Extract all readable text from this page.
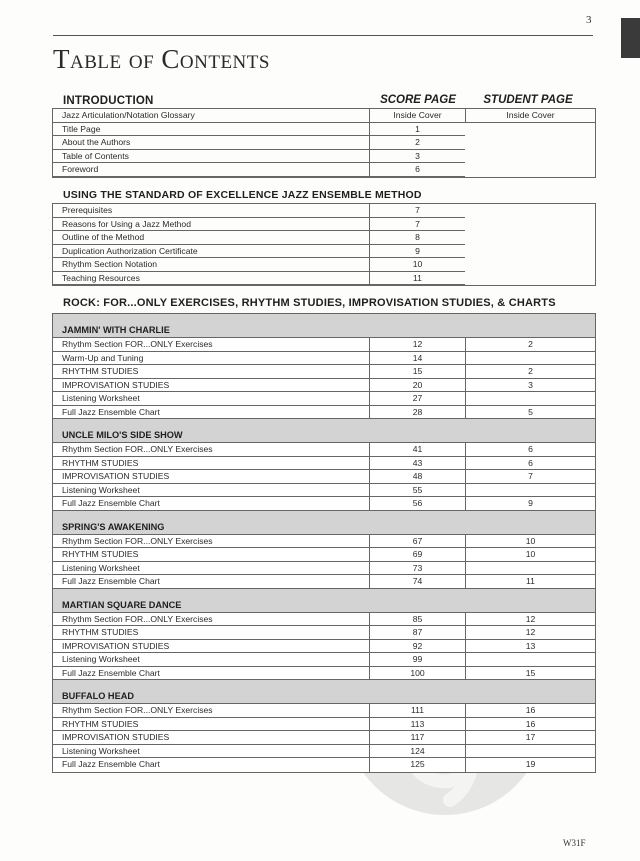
3
Table of Contents
INTRODUCTION	SCORE PAGE	STUDENT PAGE
Jazz Articulation/Notation Glossary	Inside Cover	Inside Cover
Title Page	1
About the Authors	2
Table of Contents	3
Foreword	6
USING THE STANDARD OF EXCELLENCE JAZZ ENSEMBLE METHOD
Prerequisites	7
Reasons for Using a Jazz Method	7
Outline of the Method	8
Duplication Authorization Certificate	9
Rhythm Section Notation	10
Teaching Resources	11
ROCK: FOR...ONLY EXERCISES, RHYTHM STUDIES, IMPROVISATION STUDIES, & CHARTS
JAMMIN' WITH CHARLIE
Rhythm Section FOR...ONLY Exercises	12	2
Warm-Up and Tuning	14
RHYTHM STUDIES	15	2
IMPROVISATION STUDIES	20	3
Listening Worksheet	27
Full Jazz Ensemble Chart	28	5
UNCLE MILO'S SIDE SHOW
Rhythm Section FOR...ONLY Exercises	41	6
RHYTHM STUDIES	43	6
IMPROVISATION STUDIES	48	7
Listening Worksheet	55
Full Jazz Ensemble Chart	56	9
SPRING'S AWAKENING
Rhythm Section FOR...ONLY Exercises	67	10
RHYTHM STUDIES	69	10
Listening Worksheet	73
Full Jazz Ensemble Chart	74	11
MARTIAN SQUARE DANCE
Rhythm Section FOR...ONLY Exercises	85	12
RHYTHM STUDIES	87	12
IMPROVISATION STUDIES	92	13
Listening Worksheet	99
Full Jazz Ensemble Chart	100	15
BUFFALO HEAD
Rhythm Section FOR...ONLY Exercises	111	16
RHYTHM STUDIES	113	16
IMPROVISATION STUDIES	117	17
Listening Worksheet	124
Full Jazz Ensemble Chart	125	19
W31F
